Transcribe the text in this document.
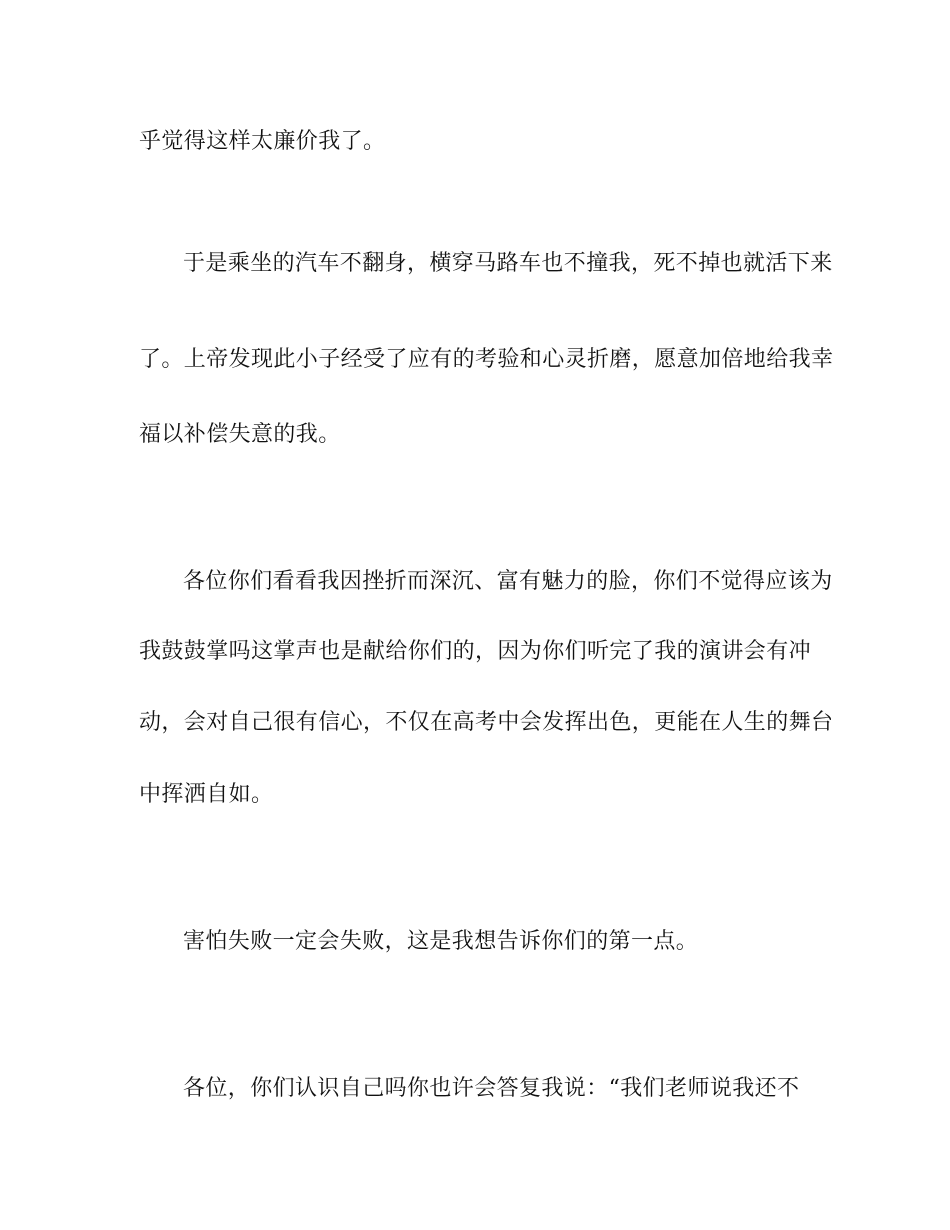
乎觉得这样太廉价我了。
于是乘坐的汽车不翻身，横穿马路车也不撞我，死不掉也就活下来
了。上帝发现此小子经受了应有的考验和心灵折磨，愿意加倍地给我幸
福以补偿失意的我。
各位你们看看我因挫折而深沉、富有魅力的脸，你们不觉得应该为
我鼓鼓掌吗这掌声也是献给你们的，因为你们听完了我的演讲会有冲
动，会对自己很有信心，不仅在高考中会发挥出色，更能在人生的舞台
中挥洒自如。
害怕失败一定会失败，这是我想告诉你们的第一点。
各位，你们认识自己吗你也许会答复我说：“我们老师说我还不
